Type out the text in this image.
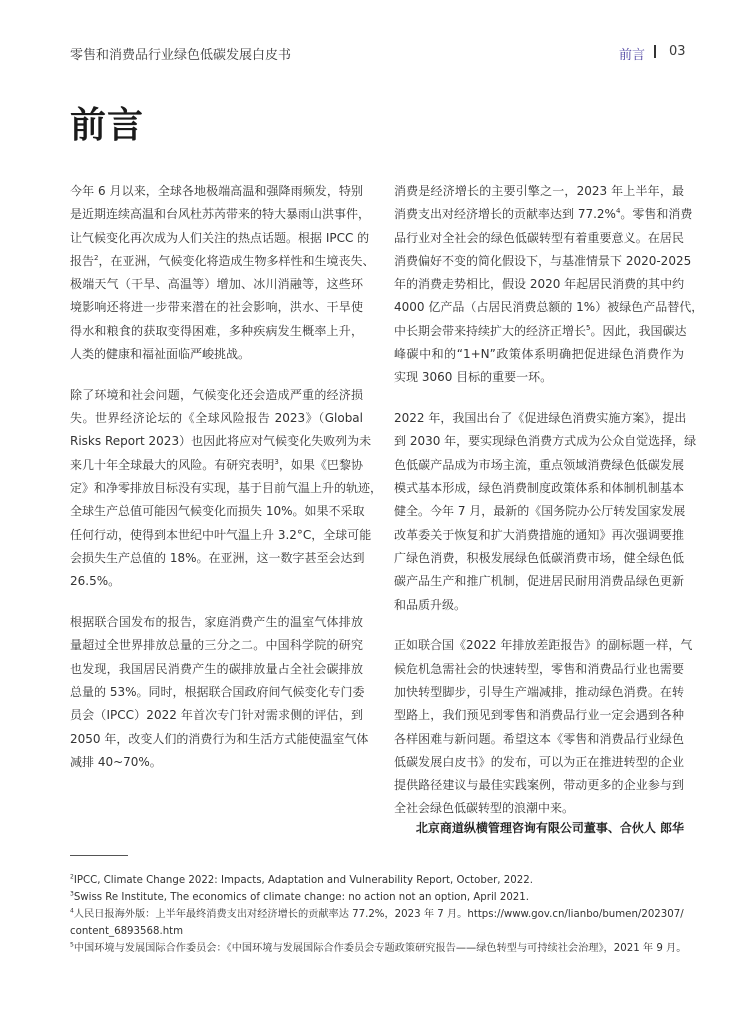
零售和消费品行业绿色低碳发展白皮书	前言 03
前言
今年 6 月以来，全球各地极端高温和强降雨频发，特别
是近期连续高温和台风杜苏芮带来的特大暴雨山洪事件，
让气候变化再次成为人们关注的热点话题。根据 IPCC 的
报告$^2$，在亚洲，气候变化将造成生物多样性和生境丧失、
极端天气（干旱、高温等）增加、冰川消融等，这些环
境影响还将进一步带来潜在的社会影响，洪水、干旱使
得水和粮食的获取变得困难，多种疾病发生概率上升，
人类的健康和福祉面临严峻挑战。
除了环境和社会问题，气候变化还会造成严重的经济损
失。世界经济论坛的《全球风险报告 2023》（Global
Risks Report 2023）也因此将应对气候变化失败列为未
来几十年全球最大的风险。有研究表明$^3$，如果《巴黎协
定》和净零排放目标没有实现，基于目前气温上升的轨迹，
全球生产总值可能因气候变化而损失 10%。如果不采取
任何行动，使得到本世纪中叶气温上升 3.2°C，全球可能
会损失生产总值的 18%。在亚洲，这一数字甚至会达到
26.5%。
根据联合国发布的报告，家庭消费产生的温室气体排放
量超过全世界排放总量的三分之二。中国科学院的研究
也发现，我国居民消费产生的碳排放量占全社会碳排放
总量的 53%。同时，根据联合国政府间气候变化专门委
员会（IPCC）2022 年首次专门针对需求侧的评估，到
2050 年，改变人们的消费行为和生活方式能使温室气体
减排 40~70%。
消费是经济增长的主要引擎之一，2023 年上半年，最
消费支出对经济增长的贡献率达到 77.2%$^4$。零售和消费
品行业对全社会的绿色低碳转型有着重要意义。在居民
消费偏好不变的简化假设下，与基准情景下 2020-2025
年的消费走势相比，假设 2020 年起居民消费的其中约
4000 亿产品（占居民消费总额的 1%）被绿色产品替代，
中长期会带来持续扩大的经济正增长$^5$。因此，我国碳达
峰碳中和的“1+N”政策体系明确把促进绿色消费作为
实现 3060 目标的重要一环。
2022 年，我国出台了《促进绿色消费实施方案》，提出
到 2030 年，要实现绿色消费方式成为公众自觉选择，绿
色低碳产品成为市场主流，重点领域消费绿色低碳发展
模式基本形成，绿色消费制度政策体系和体制机制基本
健全。今年 7 月，最新的《国务院办公厅转发国家发展
改革委关于恢复和扩大消费措施的通知》再次强调要推
广绿色消费，积极发展绿色低碳消费市场，健全绿色低
碳产品生产和推广机制，促进居民耐用消费品绿色更新
和品质升级。
正如联合国《2022 年排放差距报告》的副标题一样，气
候危机急需社会的快速转型，零售和消费品行业也需要
加快转型脚步，引导生产端减排，推动绿色消费。在转
型路上，我们预见到零售和消费品行业一定会遇到各种
各样困难与新问题。希望这本《零售和消费品行业绿色
低碳发展白皮书》的发布，可以为正在推进转型的企业
提供路径建议与最佳实践案例，带动更多的企业参与到
全社会绿色低碳转型的浪潮中来。
北京商道纵横管理咨询有限公司董事、合伙人 郎华
$^2$IPCC, Climate Change 2022: Impacts, Adaptation and Vulnerability Report, October, 2022.
$^3$Swiss Re Institute, The economics of climate change: no action not an option, April 2021.
$^4$人民日报海外版：上半年最终消费支出对经济增长的贡献率达 77.2%，2023 年 7 月。https://www.gov.cn/lianbo/bumen/202307/
content_6893568.htm
$^5$中国环境与发展国际合作委员会：《中国环境与发展国际合作委员会专题政策研究报告——绿色转型与可持续社会治理》，2021 年 9 月。
